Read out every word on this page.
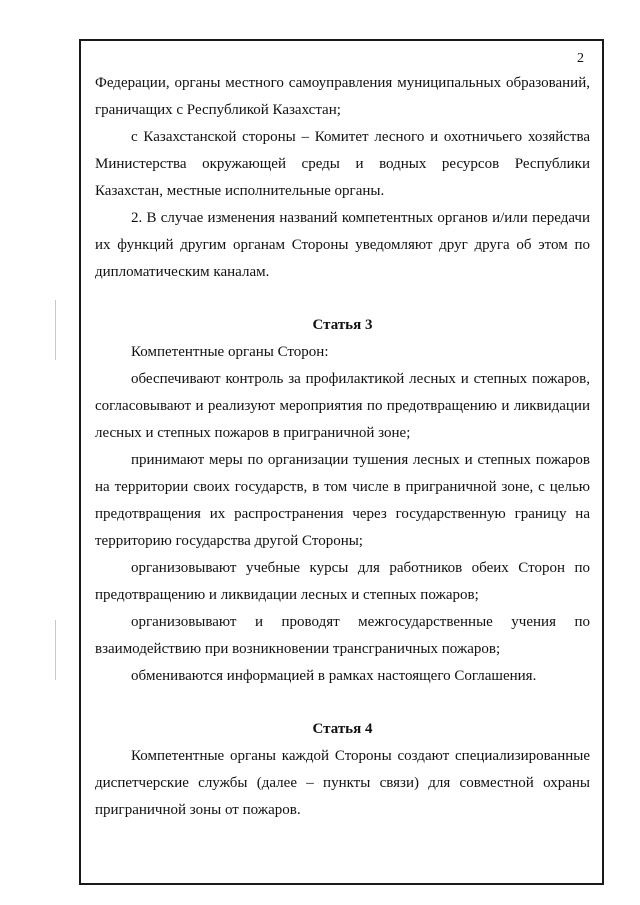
2

Федерации, органы местного самоуправления муниципальных образований, граничащих с Республикой Казахстан;

с Казахстанской стороны – Комитет лесного и охотничьего хозяйства Министерства окружающей среды и водных ресурсов Республики Казахстан, местные исполнительные органы.

2. В случае изменения названий компетентных органов и/или передачи их функций другим органам Стороны уведомляют друг друга об этом по дипломатическим каналам.

Статья 3

Компетентные органы Сторон:

обеспечивают контроль за профилактикой лесных и степных пожаров, согласовывают и реализуют мероприятия по предотвращению и ликвидации лесных и степных пожаров в приграничной зоне;

принимают меры по организации тушения лесных и степных пожаров на территории своих государств, в том числе в приграничной зоне, с целью предотвращения их распространения через государственную границу на территорию государства другой Стороны;

организовывают учебные курсы для работников обеих Сторон по предотвращению и ликвидации лесных и степных пожаров;

организовывают и проводят межгосударственные учения по взаимодействию при возникновении трансграничных пожаров;

обмениваются информацией в рамках настоящего Соглашения.

Статья 4

Компетентные органы каждой Стороны создают специализированные диспетчерские службы (далее – пункты связи) для совместной охраны приграничной зоны от пожаров.
